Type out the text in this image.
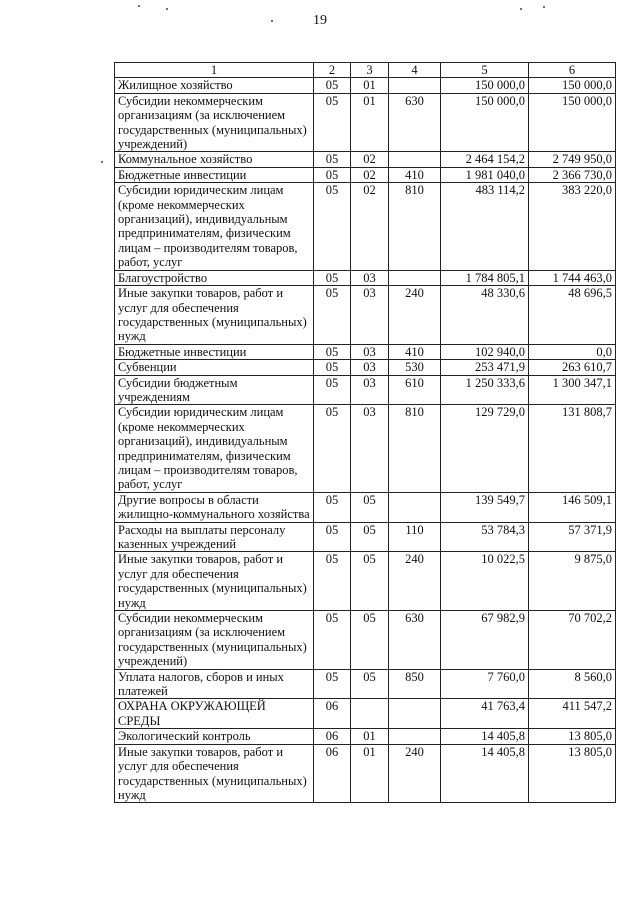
19
1	2	3	4	5	6
Жилищное хозяйство	05	01		150 000,0	150 000,0
Субсидии некоммерческим организациям (за исключением государственных (муниципальных) учреждений)	05	01	630	150 000,0	150 000,0
Коммунальное хозяйство	05	02		2 464 154,2	2 749 950,0
Бюджетные инвестиции	05	02	410	1 981 040,0	2 366 730,0
Субсидии юридическим лицам (кроме некоммерческих организаций), индивидуальным предпринимателям, физическим лицам – производителям товаров, работ, услуг	05	02	810	483 114,2	383 220,0
Благоустройство	05	03		1 784 805,1	1 744 463,0
Иные закупки товаров, работ и услуг для обеспечения государственных (муниципальных) нужд	05	03	240	48 330,6	48 696,5
Бюджетные инвестиции	05	03	410	102 940,0	0,0
Субвенции	05	03	530	253 471,9	263 610,7
Субсидии бюджетным учреждениям	05	03	610	1 250 333,6	1 300 347,1
Субсидии юридическим лицам (кроме некоммерческих организаций), индивидуальным предпринимателям, физическим лицам – производителям товаров, работ, услуг	05	03	810	129 729,0	131 808,7
Другие вопросы в области жилищно-коммунального хозяйства	05	05		139 549,7	146 509,1
Расходы на выплаты персоналу казенных учреждений	05	05	110	53 784,3	57 371,9
Иные закупки товаров, работ и услуг для обеспечения государственных (муниципальных) нужд	05	05	240	10 022,5	9 875,0
Субсидии некоммерческим организациям (за исключением государственных (муниципальных) учреждений)	05	05	630	67 982,9	70 702,2
Уплата налогов, сборов и иных платежей	05	05	850	7 760,0	8 560,0
ОХРАНА ОКРУЖАЮЩЕЙ СРЕДЫ	06			41 763,4	411 547,2
Экологический контроль	06	01		14 405,8	13 805,0
Иные закупки товаров, работ и услуг для обеспечения государственных (муниципальных) нужд	06	01	240	14 405,8	13 805,0
